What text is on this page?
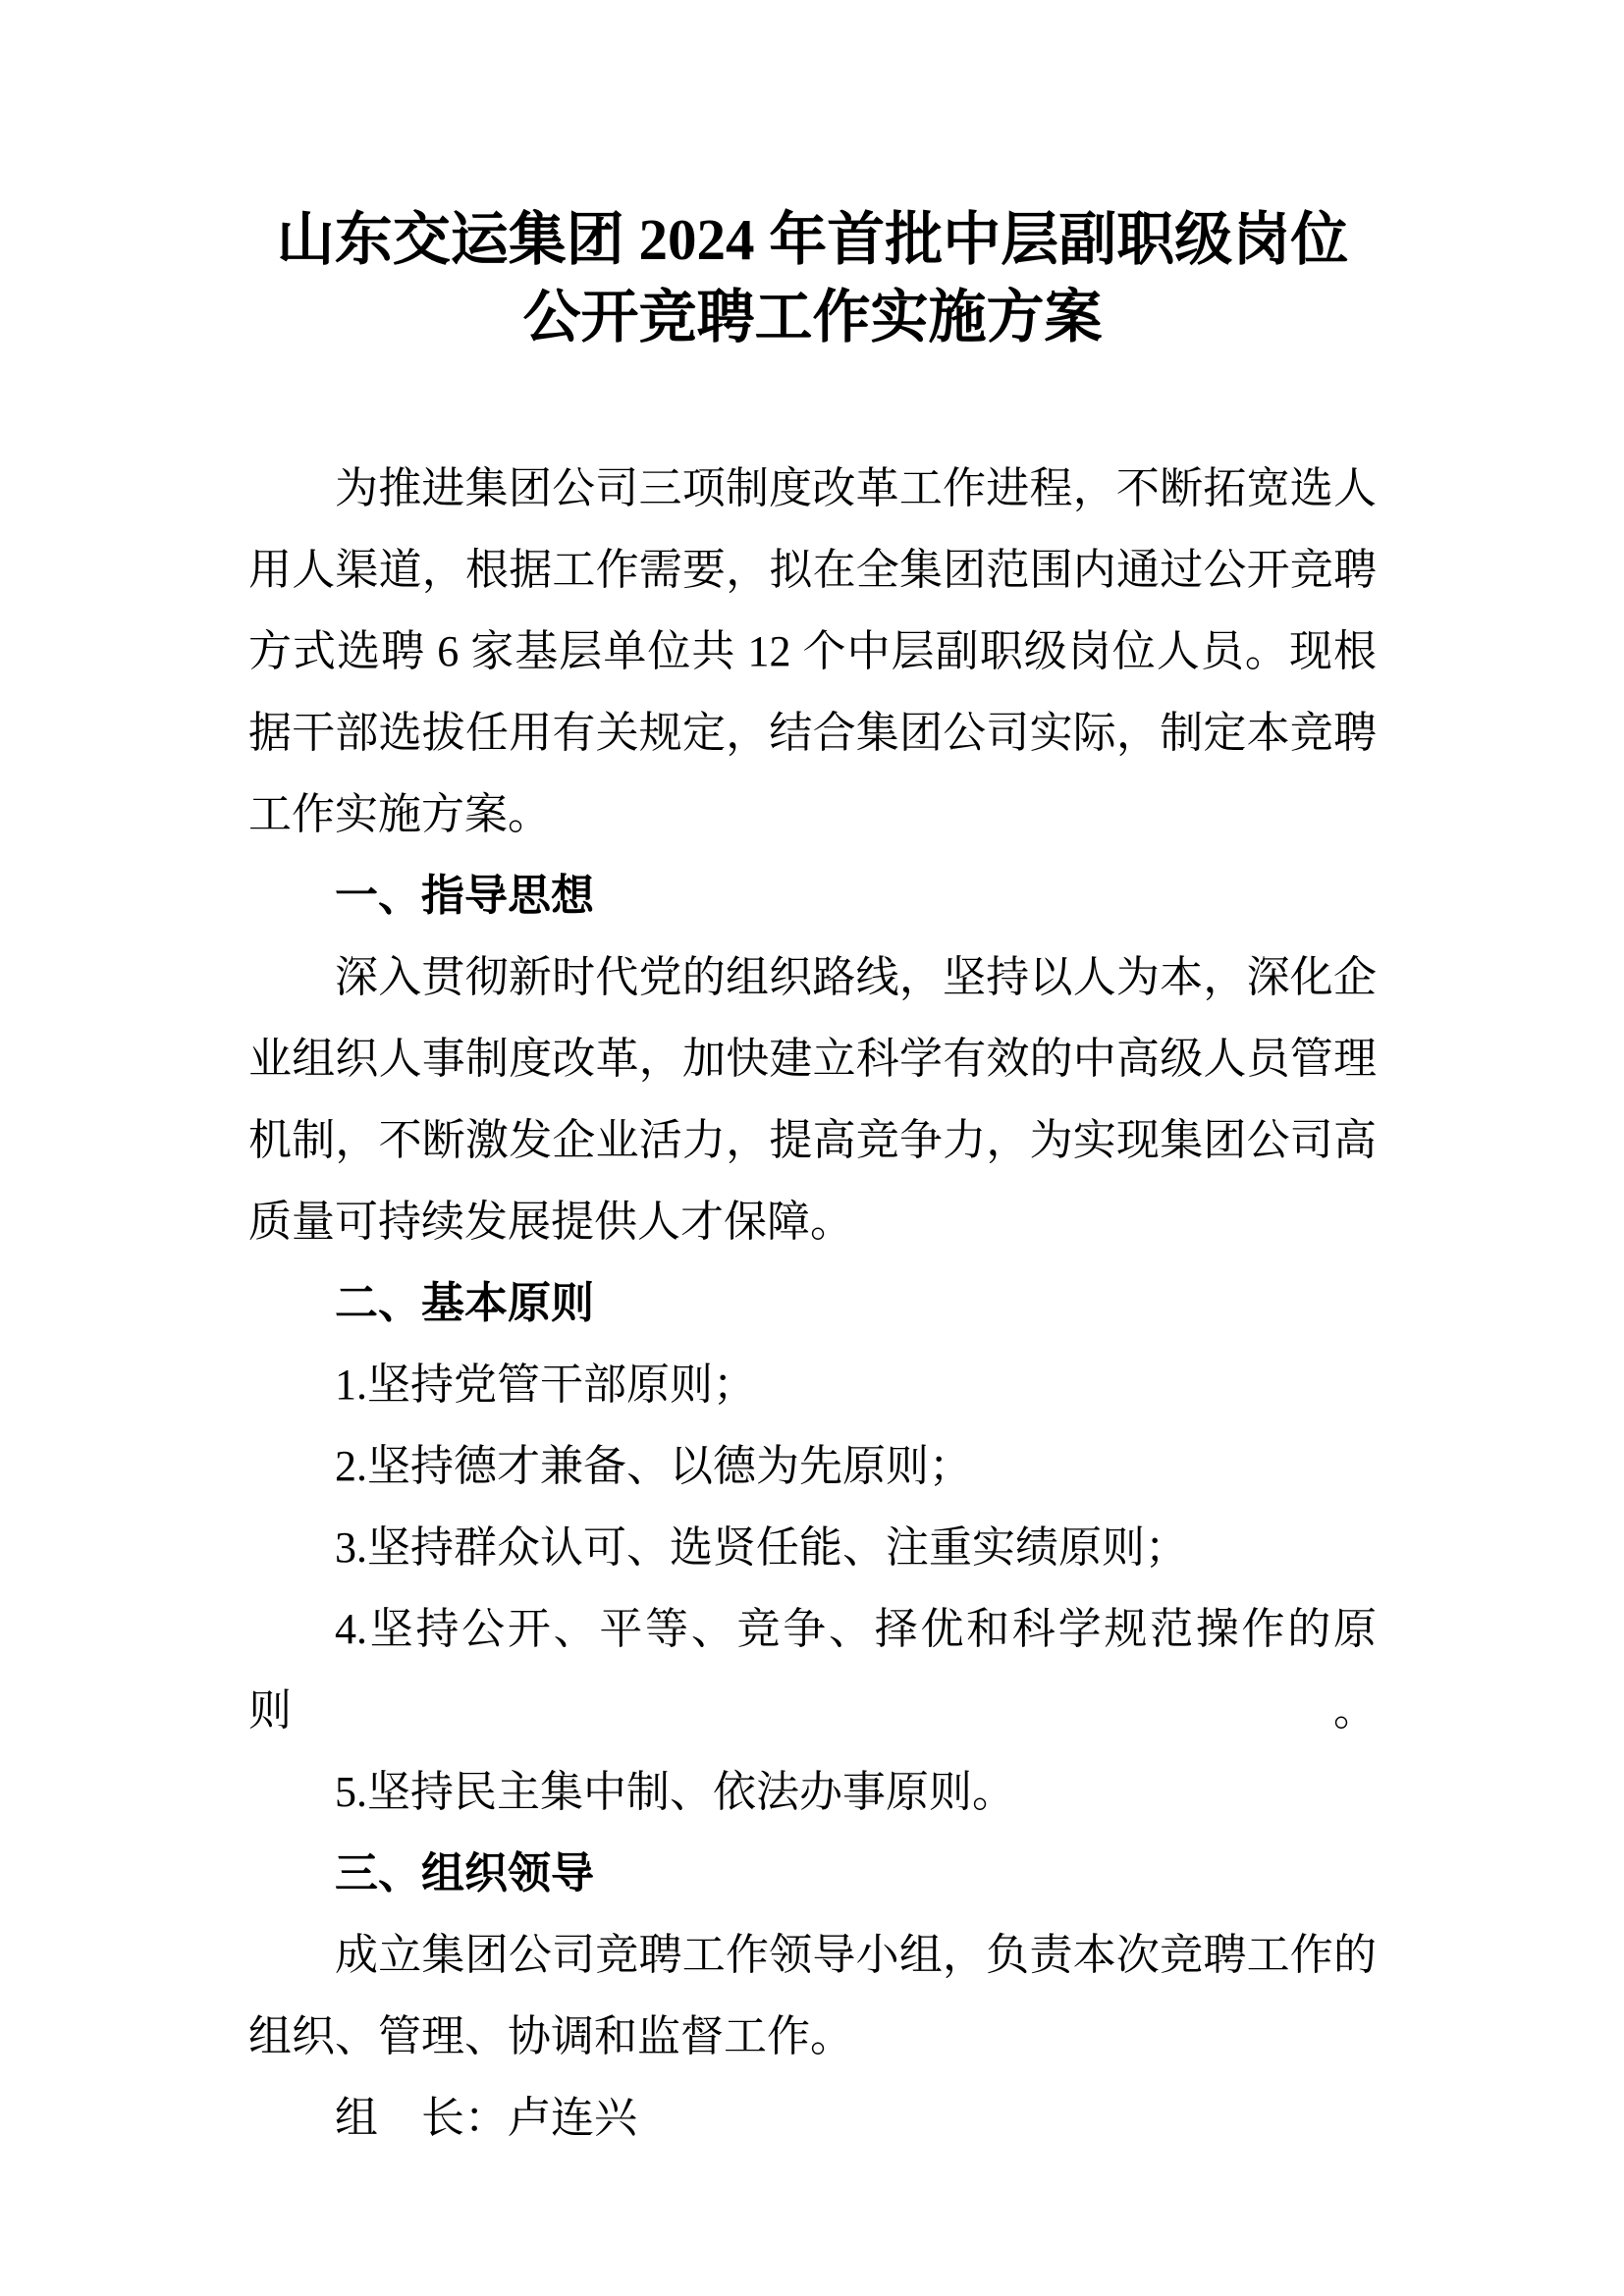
山东交运集团 2024 年首批中层副职级岗位
公开竞聘工作实施方案
为推进集团公司三项制度改革工作进程，不断拓宽选人
用人渠道，根据工作需要，拟在全集团范围内通过公开竞聘
方式选聘 6 家基层单位共 12 个中层副职级岗位人员。现根
据干部选拔任用有关规定，结合集团公司实际，制定本竞聘
工作实施方案。
一、指导思想
深入贯彻新时代党的组织路线，坚持以人为本，深化企
业组织人事制度改革，加快建立科学有效的中高级人员管理
机制，不断激发企业活力，提高竞争力，为实现集团公司高
质量可持续发展提供人才保障。
二、基本原则
1.坚持党管干部原则；
2.坚持德才兼备、以德为先原则；
3.坚持群众认可、选贤任能、注重实绩原则；
4.坚持公开、平等、竞争、择优和科学规范操作的原则。
5.坚持民主集中制、依法办事原则。
三、组织领导
成立集团公司竞聘工作领导小组，负责本次竞聘工作的
组织、管理、协调和监督工作。
组　长：卢连兴
